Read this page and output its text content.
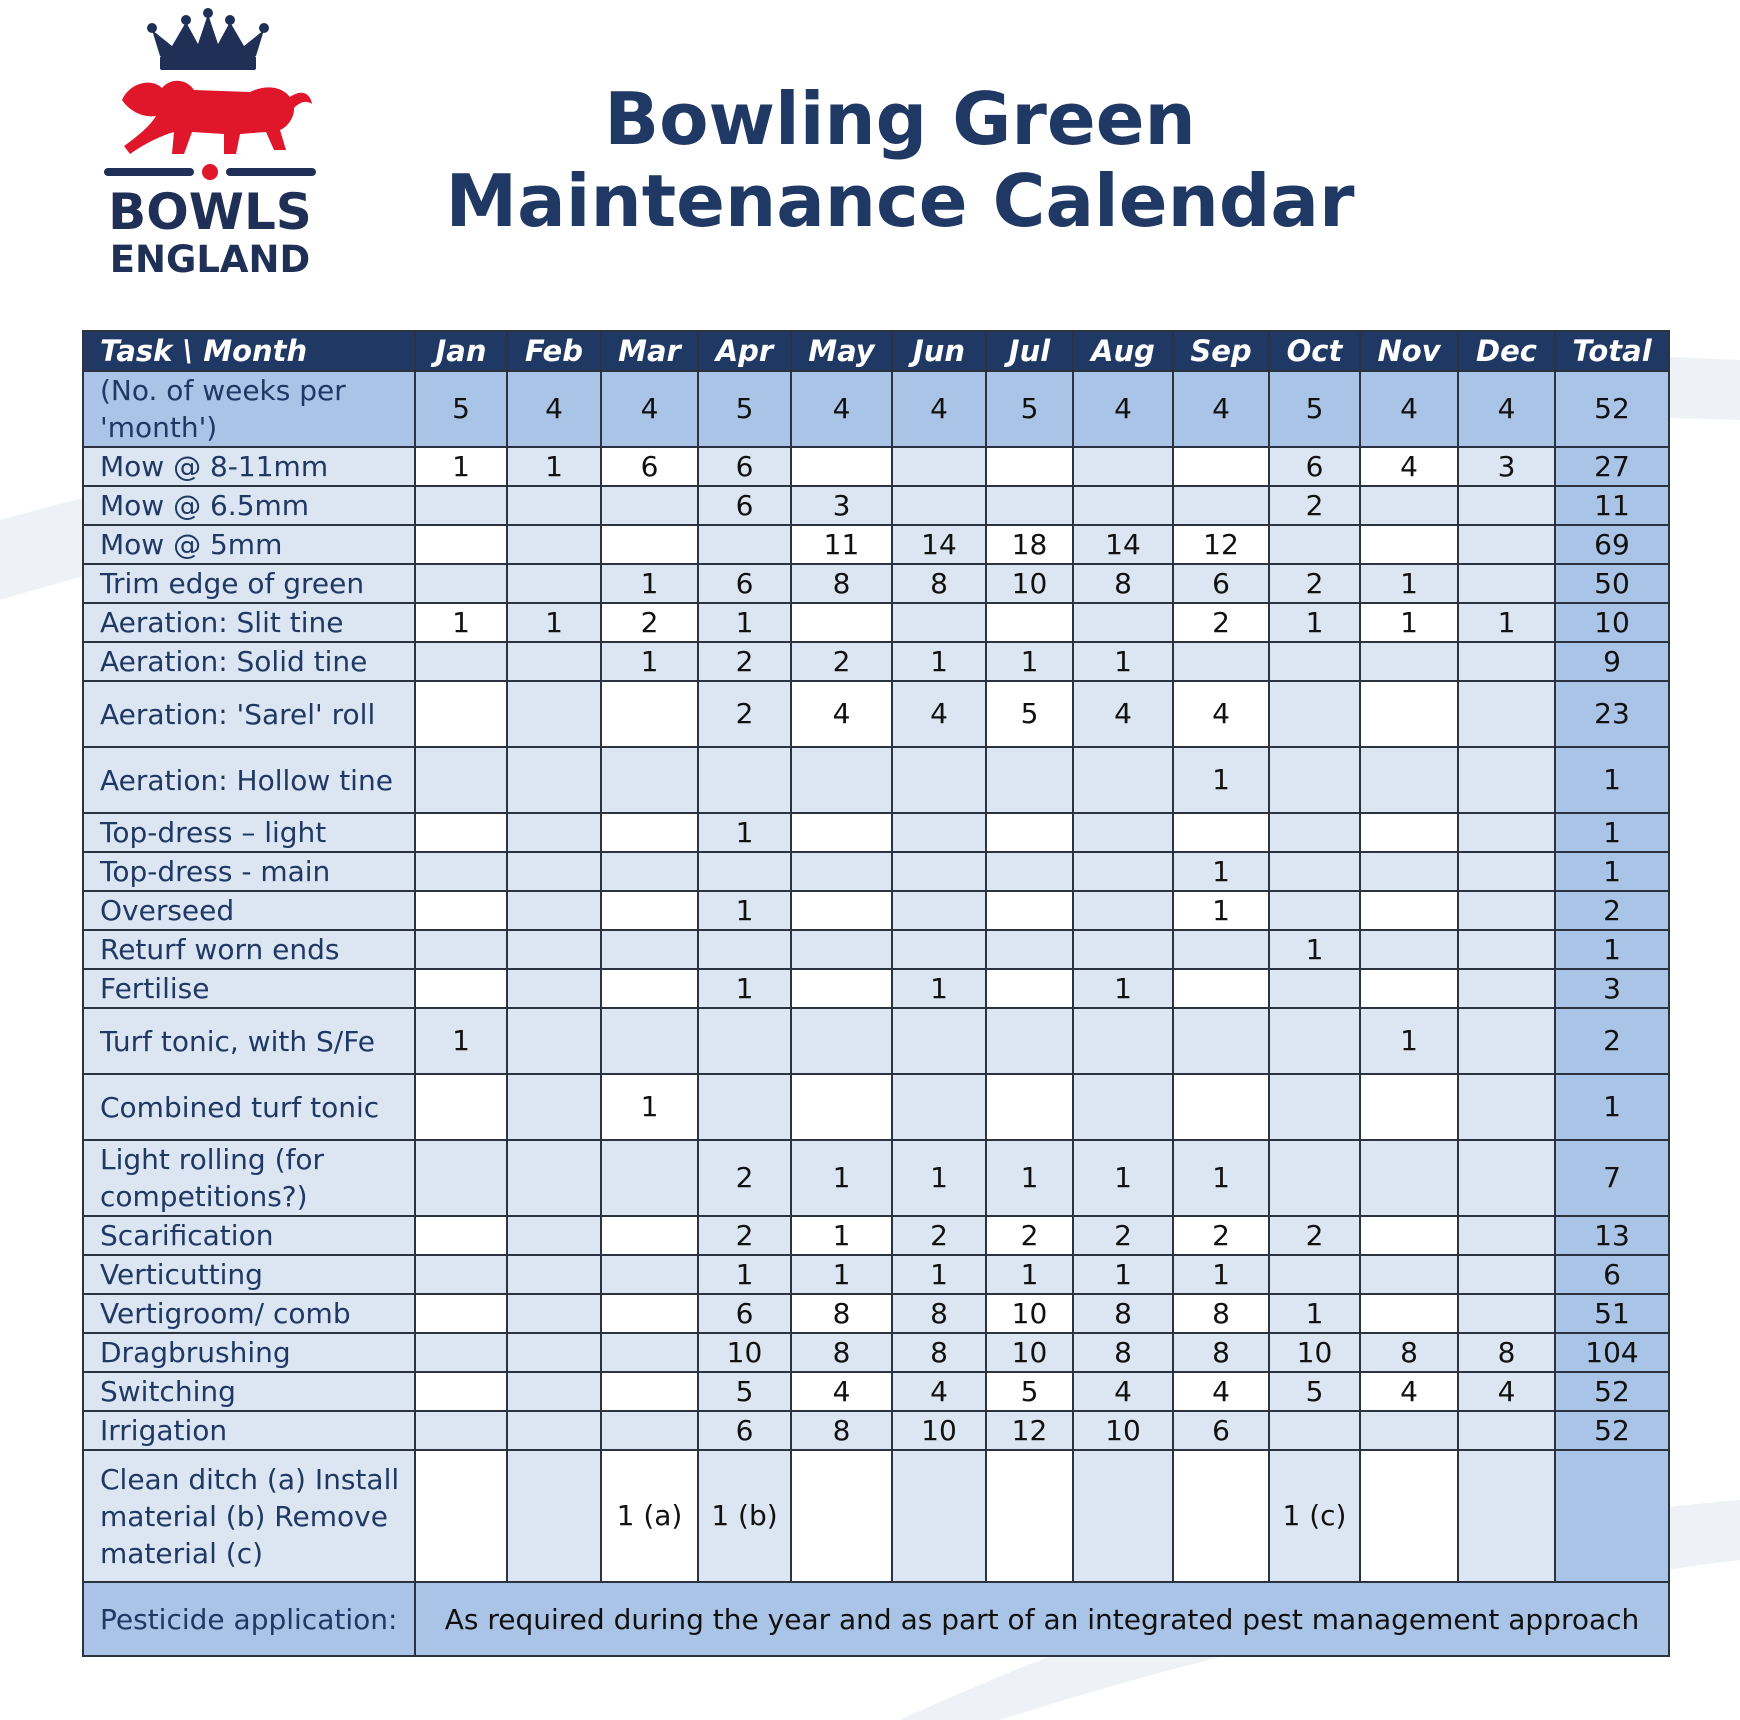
BOWLS
ENGLAND
Bowling Green
Maintenance Calendar
Task \ Month	Jan	Feb	Mar	Apr	May	Jun	Jul	Aug	Sep	Oct	Nov	Dec	Total
(No. of weeks per 'month')	5	4	4	5	4	4	5	4	4	5	4	4	52
Mow @ 8-11mm	1	1	6	6						6	4	3	27
Mow @ 6.5mm				6	3					2			11
Mow @ 5mm					11	14	18	14	12				69
Trim edge of green			1	6	8	8	10	8	6	2	1		50
Aeration: Slit tine	1	1	2	1					2	1	1	1	10
Aeration: Solid tine			1	2	2	1	1	1					9
Aeration: 'Sarel' roll				2	4	4	5	4	4				23
Aeration: Hollow tine									1				1
Top-dress – light				1									1
Top-dress - main									1				1
Overseed				1					1				2
Returf worn ends										1			1
Fertilise				1		1		1					3
Turf tonic, with S/Fe	1										1		2
Combined turf tonic			1										1
Light rolling (for competitions?)				2	1	1	1	1	1				7
Scarification				2	1	2	2	2	2	2			13
Verticutting				1	1	1	1	1	1				6
Vertigroom/ comb				6	8	8	10	8	8	1			51
Dragbrushing				10	8	8	10	8	8	10	8	8	104
Switching				5	4	4	5	4	4	5	4	4	52
Irrigation				6	8	10	12	10	6				52
Clean ditch (a) Install material (b) Remove material (c)			1 (a)	1 (b)						1 (c)			
Pesticide application:	As required during the year and as part of an integrated pest management approach												
